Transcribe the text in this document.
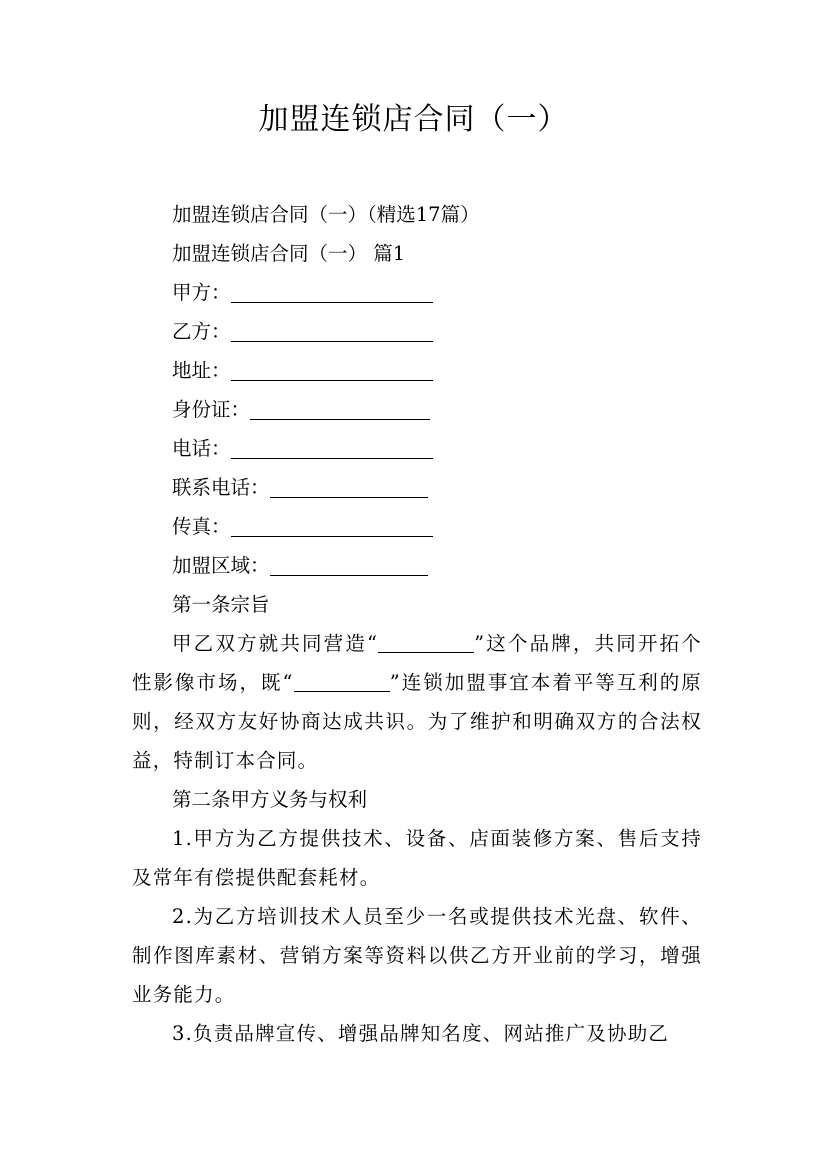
加盟连锁店合同（一）

加盟连锁店合同（一）（精选17篇）

加盟连锁店合同（一） 篇1

甲方：

乙方：

地址：

身份证：

电话：

联系电话：

传真：

加盟区域：

第一条宗旨

甲乙双方就共同营造“	”这个品牌，共同开拓个性影像市场，既“	”连锁加盟事宜本着平等互利的原则，经双方友好协商达成共识。为了维护和明确双方的合法权益，特制订本合同。

第二条甲方义务与权利

1.甲方为乙方提供技术、设备、店面装修方案、售后支持及常年有偿提供配套耗材。

2.为乙方培训技术人员至少一名或提供技术光盘、软件、制作图库素材、营销方案等资料以供乙方开业前的学习，增强业务能力。

3.负责品牌宣传、增强品牌知名度、网站推广及协助乙
